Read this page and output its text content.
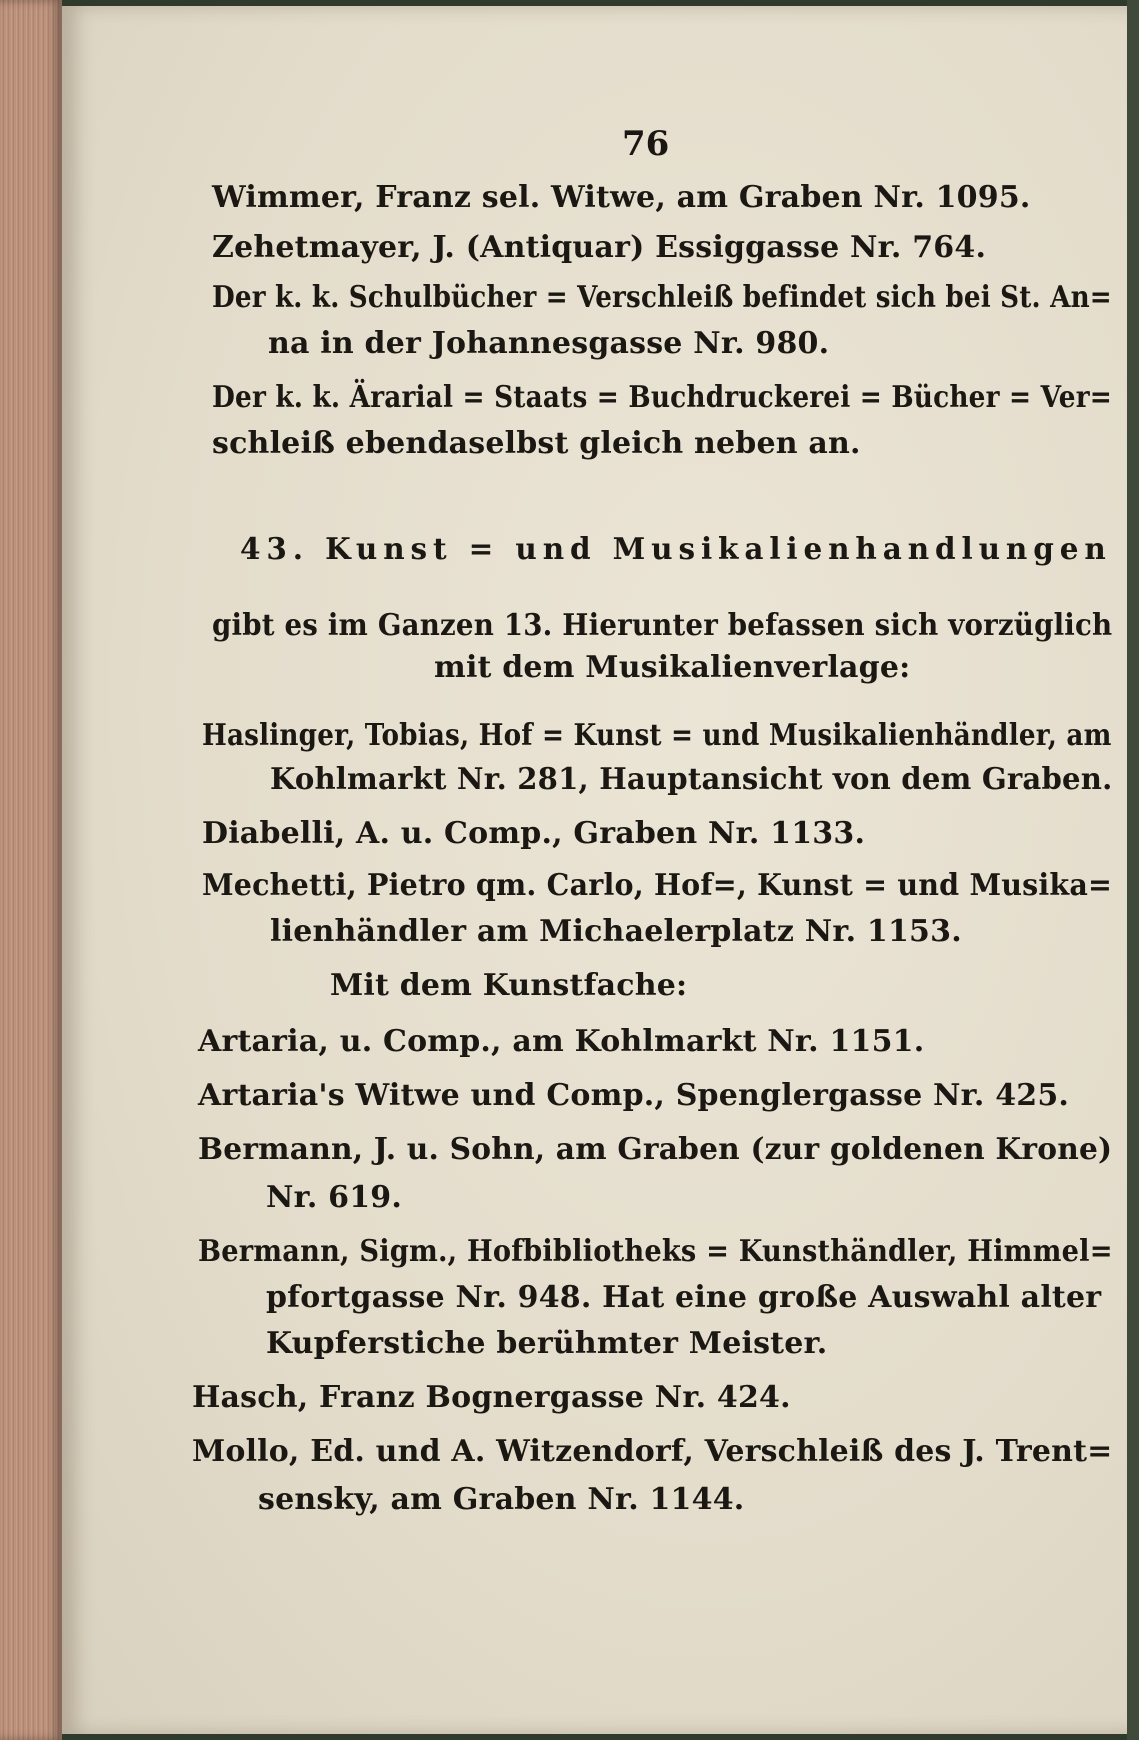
76
Wimmer, Franz sel. Witwe, am Graben Nr. 1095.
Zehetmayer, J. (Antiquar) Essiggasse Nr. 764.
Der k. k. Schulbücher = Verschleiß befindet sich bei St. An=
na in der Johannesgasse Nr. 980.
Der k. k. Ärarial = Staats = Buchdruckerei = Bücher = Ver=
schleiß ebendaselbst gleich neben an.
43. Kunst = und Musikalienhandlungen
gibt es im Ganzen 13. Hierunter befassen sich vorzüglich
mit dem Musikalienverlage:
Haslinger, Tobias, Hof = Kunst = und Musikalienhändler, am
Kohlmarkt Nr. 281, Hauptansicht von dem Graben.
Diabelli, A. u. Comp., Graben Nr. 1133.
Mechetti, Pietro qm. Carlo, Hof=, Kunst = und Musika=
lienhändler am Michaelerplatz Nr. 1153.
Mit dem Kunstfache:
Artaria, u. Comp., am Kohlmarkt Nr. 1151.
Artaria's Witwe und Comp., Spenglergasse Nr. 425.
Bermann, J. u. Sohn, am Graben (zur goldenen Krone)
Nr. 619.
Bermann, Sigm., Hofbibliotheks = Kunsthändler, Himmel=
pfortgasse Nr. 948. Hat eine große Auswahl alter
Kupferstiche berühmter Meister.
Hasch, Franz Bognergasse Nr. 424.
Mollo, Ed. und A. Witzendorf, Verschleiß des J. Trent=
sensky, am Graben Nr. 1144.
